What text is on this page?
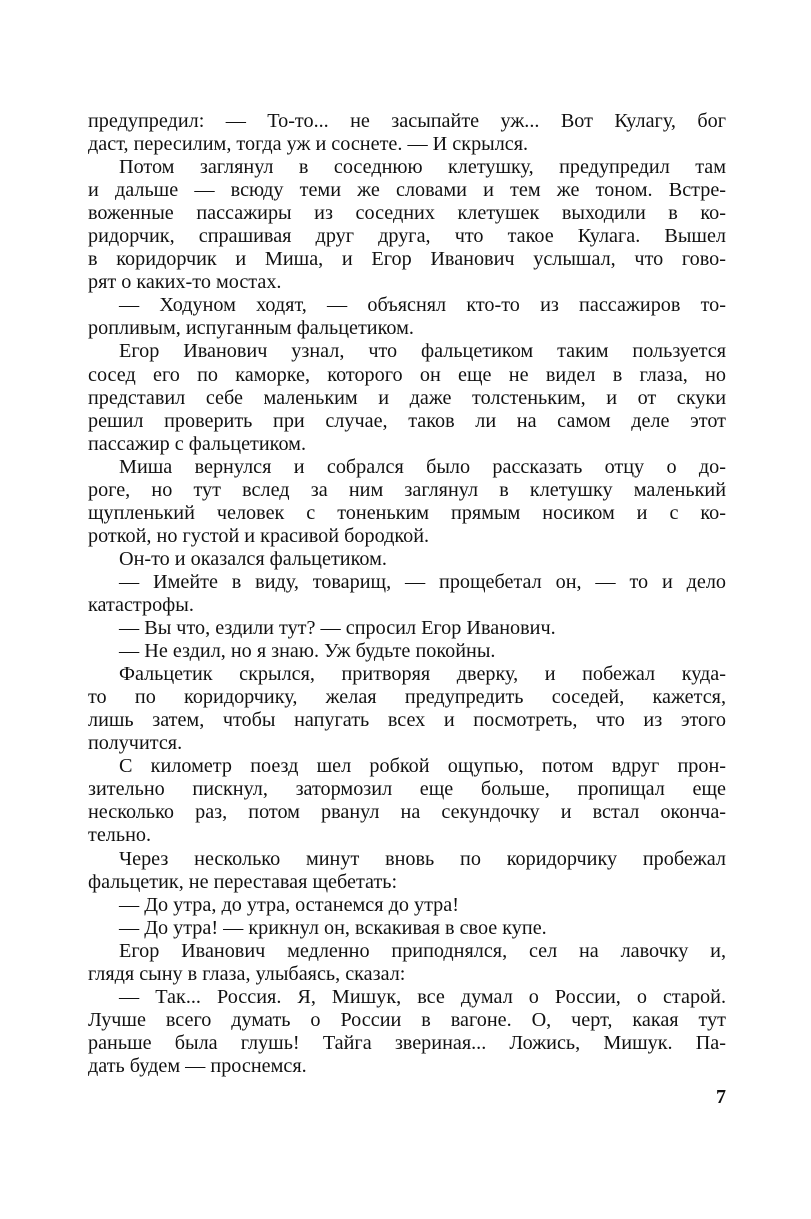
предупредил: — То-то... не засыпайте уж... Вот Кулагу, бог
даст, пересилим, тогда уж и соснете. — И скрылся.
Потом заглянул в соседнюю клетушку, предупредил там
и дальше — всюду теми же словами и тем же тоном. Встре-
воженные пассажиры из соседних клетушек выходили в ко-
ридорчик, спрашивая друг друга, что такое Кулага. Вышел
в коридорчик и Миша, и Егор Иванович услышал, что гово-
рят о каких-то мостах.
— Ходуном ходят, — объяснял кто-то из пассажиров то-
ропливым, испуганным фальцетиком.
Егор Иванович узнал, что фальцетиком таким пользуется
сосед его по каморке, которого он еще не видел в глаза, но
представил себе маленьким и даже толстеньким, и от скуки
решил проверить при случае, таков ли на самом деле этот
пассажир с фальцетиком.
Миша вернулся и собрался было рассказать отцу о до-
роге, но тут вслед за ним заглянул в клетушку маленький
щупленький человек с тоненьким прямым носиком и с ко-
роткой, но густой и красивой бородкой.
Он-то и оказался фальцетиком.
— Имейте в виду, товарищ, — прощебетал он, — то и дело
катастрофы.
— Вы что, ездили тут? — спросил Егор Иванович.
— Не ездил, но я знаю. Уж будьте покойны.
Фальцетик скрылся, притворяя дверку, и побежал куда-
то по коридорчику, желая предупредить соседей, кажется,
лишь затем, чтобы напугать всех и посмотреть, что из этого
получится.
С километр поезд шел робкой ощупью, потом вдруг прон-
зительно пискнул, затормозил еще больше, пропищал еще
несколько раз, потом рванул на секундочку и встал оконча-
тельно.
Через несколько минут вновь по коридорчику пробежал
фальцетик, не переставая щебетать:
— До утра, до утра, останемся до утра!
— До утра! — крикнул он, вскакивая в свое купе.
Егор Иванович медленно приподнялся, сел на лавочку и,
глядя сыну в глаза, улыбаясь, сказал:
— Так... Россия. Я, Мишук, все думал о России, о старой.
Лучше всего думать о России в вагоне. О, черт, какая тут
раньше была глушь! Тайга звериная... Ложись, Мишук. Па-
дать будем — проснемся.
7
